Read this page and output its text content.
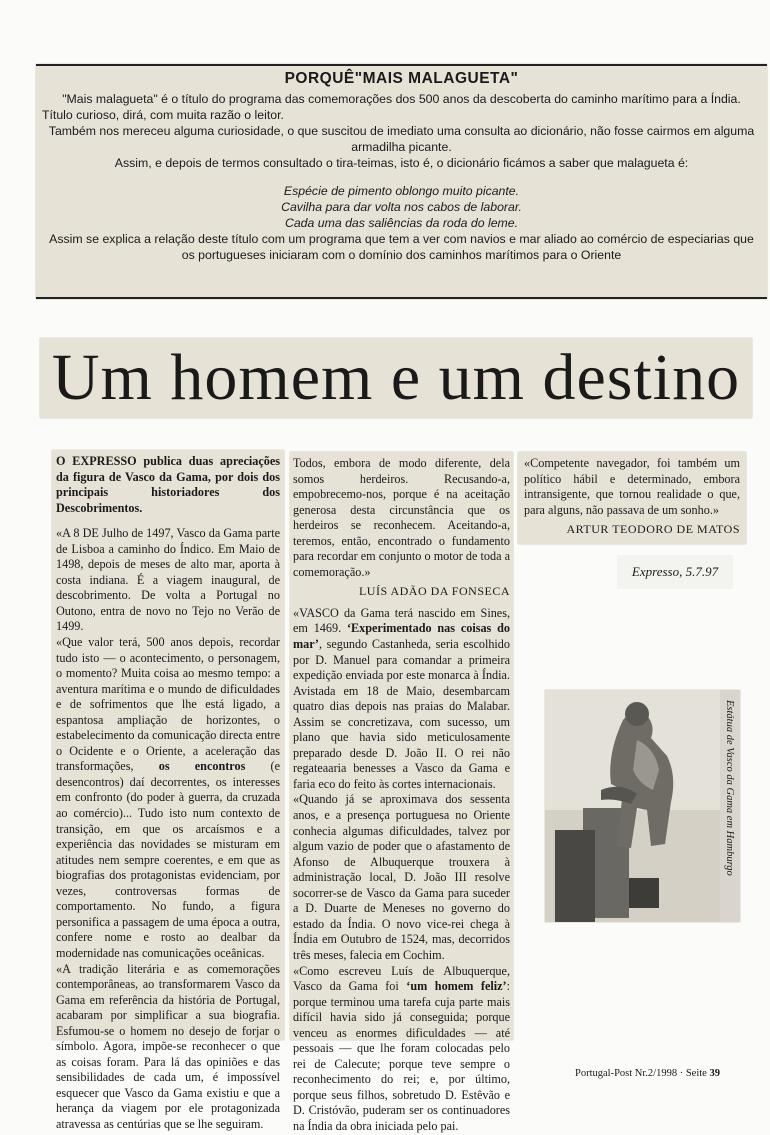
PORQUÊ"MAIS MALAGUETA"

"Mais malagueta" é o título do programa das comemorações dos 500 anos da descoberta do caminho marítimo para a Índia.

Título curioso, dirá, com muita razão o leitor.

Também nos mereceu alguma curiosidade, o que suscitou de imediato uma consulta ao dicionário, não fosse cairmos em alguma armadilha picante.

Assim, e depois de termos consultado o tira-teimas, isto é, o dicionário ficámos a saber que malagueta é:

Espécie de pimento oblongo muito picante.

Cavilha para dar volta nos cabos de laborar.

Cada uma das saliências da roda do leme.

Assim se explica a relação deste título com um programa que tem a ver com navios e mar aliado ao comércio de especiarias que os portugueses iniciaram com o domínio dos caminhos marítimos para o Oriente

Um homem e um destino

O EXPRESSO publica duas apreciações da figura de Vasco da Gama, por dois dos principais historiadores dos Descobrimentos.

«A 8 DE Julho de 1497, Vasco da Gama parte de Lisboa a caminho do Índico. Em Maio de 1498, depois de meses de alto mar, aporta à costa indiana. É a viagem inaugural, de descobrimento. De volta a Portugal no Outono, entra de novo no Tejo no Verão de 1499.

«Que valor terá, 500 anos depois, recordar tudo isto — o acontecimento, o personagem, o momento? Muita coisa ao mesmo tempo: a aventura marítima e o mundo de dificuldades e de sofrimentos que lhe está ligado, a espantosa ampliação de horizontes, o estabelecimento da comunicação directa entre o Ocidente e o Oriente, a aceleração das transformações, os encontros (e desencontros) daí decorrentes, os interesses em confronto (do poder à guerra, da cruzada ao comércio)... Tudo isto num contexto de transição, em que os arcaísmos e a experiência das novidades se misturam em atitudes nem sempre coerentes, e em que as biografias dos protagonistas evidenciam, por vezes, controversas formas de comportamento. No fundo, a figura personifica a passagem de uma época a outra, confere nome e rosto ao dealbar da modernidade nas comunicações oceânicas.

«A tradição literária e as comemorações contemporâneas, ao transformarem Vasco da Gama em referência da história de Portugal, acabaram por simplificar a sua biografia. Esfumou-se o homem no desejo de forjar o símbolo. Agora, impõe-se reconhecer o que as coisas foram. Para lá das opiniões e das sensibilidades de cada um, é impossível esquecer que Vasco da Gama existiu e que a herança da viagem por ele protagonizada atravessa as centúrias que se lhe seguiram.

Todos, embora de modo diferente, dela somos herdeiros. Recusando-a, empobrecemo-nos, porque é na aceitação generosa desta circunstância que os herdeiros se reconhecem. Aceitando-a, teremos, então, encontrado o fundamento para recordar em conjunto o motor de toda a comemoração.»

LUÍS ADÃO DA FONSECA

«VASCO da Gama terá nascido em Sines, em 1469. ‘Experimentado nas coisas do mar’, segundo Castanheda, seria escolhido por D. Manuel para comandar a primeira expedição enviada por este monarca à Índia. Avistada em 18 de Maio, desembarcam quatro dias depois nas praias do Malabar. Assim se concretizava, com sucesso, um plano que havia sido meticulosamente preparado desde D. João II. O rei não regateaaria benesses a Vasco da Gama e faria eco do feito às cortes internacionais.

«Quando já se aproximava dos sessenta anos, e a presença portuguesa no Oriente conhecia algumas dificuldades, talvez por algum vazio de poder que o afastamento de Afonso de Albuquerque trouxera à administração local, D. João III resolve socorrer-se de Vasco da Gama para suceder a D. Duarte de Meneses no governo do estado da Índia. O novo vice-rei chega à Índia em Outubro de 1524, mas, decorridos três meses, falecia em Cochim.

«Como escreveu Luís de Albuquerque, Vasco da Gama foi ‘um homem feliz’: porque terminou uma tarefa cuja parte mais difícil havia sido já conseguida; porque venceu as enormes dificuldades — até pessoais — que lhe foram colocadas pelo rei de Calecute; porque teve sempre o reconhecimento do rei; e, por último, porque seus filhos, sobretudo D. Estêvão e D. Cristóvão, puderam ser os continuadores na Índia da obra iniciada pelo pai.

«Competente navegador, foi também um político hábil e determinado, embora intransigente, que tornou realidade o que, para alguns, não passava de um sonho.»

ARTUR TEODORO DE MATOS

Expresso, 5.7.97
Estátua de Vasco da Gama em Hamburgo
Portugal-Post Nr.2/1998 · Seite 39
